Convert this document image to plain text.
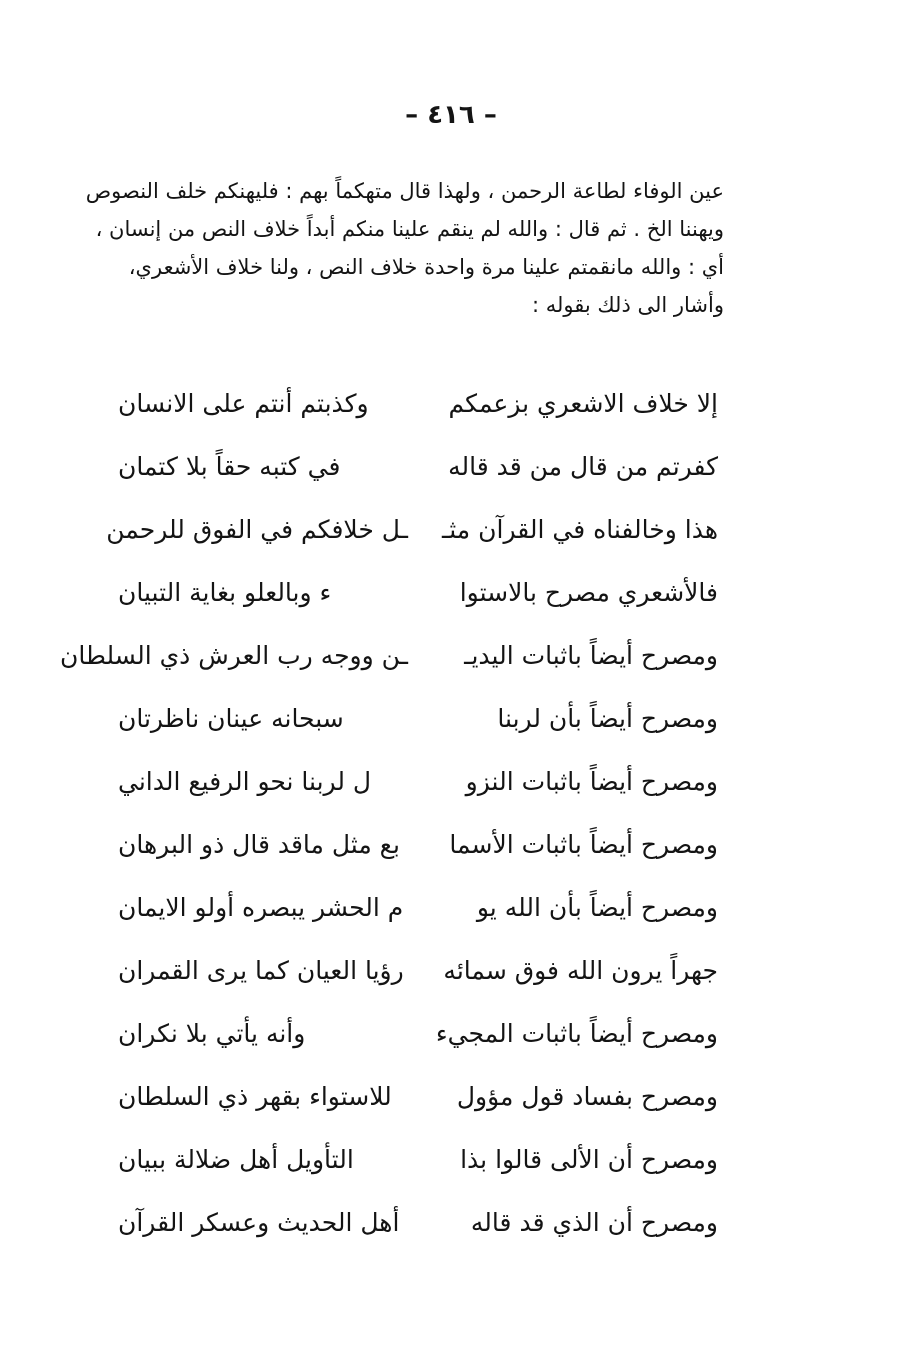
– ٤١٦ –
عين الوفاء لطاعة الرحمن ، ولهذا قال متهكماً بهم : فليهنكم خلف النصوص
ويهننا الخ . ثم قال : والله لم ينقم علينا منكم أبداً خلاف النص من إنسان ،
أي : والله مانقمتم علينا مرة واحدة خلاف النص ، ولنا خلاف الأشعري،
وأشار الى ذلك بقوله :
إلا خلاف الاشعري بزعمكم
وكذبتم أنتم على الانسان
كفرتم من قال من قد قاله
في كتبه حقاً بلا كتمان
هذا وخالفناه في القرآن مثـ
ـل خلافكم في الفوق للرحمن
فالأشعري مصرح بالاستوا
ء وبالعلو بغاية التبيان
ومصرح أيضاً باثبات اليديـ
ـن ووجه رب العرش ذي السلطان
ومصرح أيضاً بأن لربنا
سبحانه عينان ناظرتان
ومصرح أيضاً باثبات النزو
ل لربنا نحو الرفيع الداني
ومصرح أيضاً باثبات الأسما
بع مثل ماقد قال ذو البرهان
ومصرح أيضاً بأن الله يو
م الحشر يبصره أولو الايمان
جهراً يرون الله فوق سمائه
رؤيا العيان كما يرى القمران
ومصرح أيضاً باثبات المجيء
وأنه يأتي بلا نكران
ومصرح بفساد قول مؤول
للاستواء بقهر ذي السلطان
ومصرح أن الألى قالوا بذا
التأويل أهل ضلالة ببيان
ومصرح أن الذي قد قاله
أهل الحديث وعسكر القرآن
